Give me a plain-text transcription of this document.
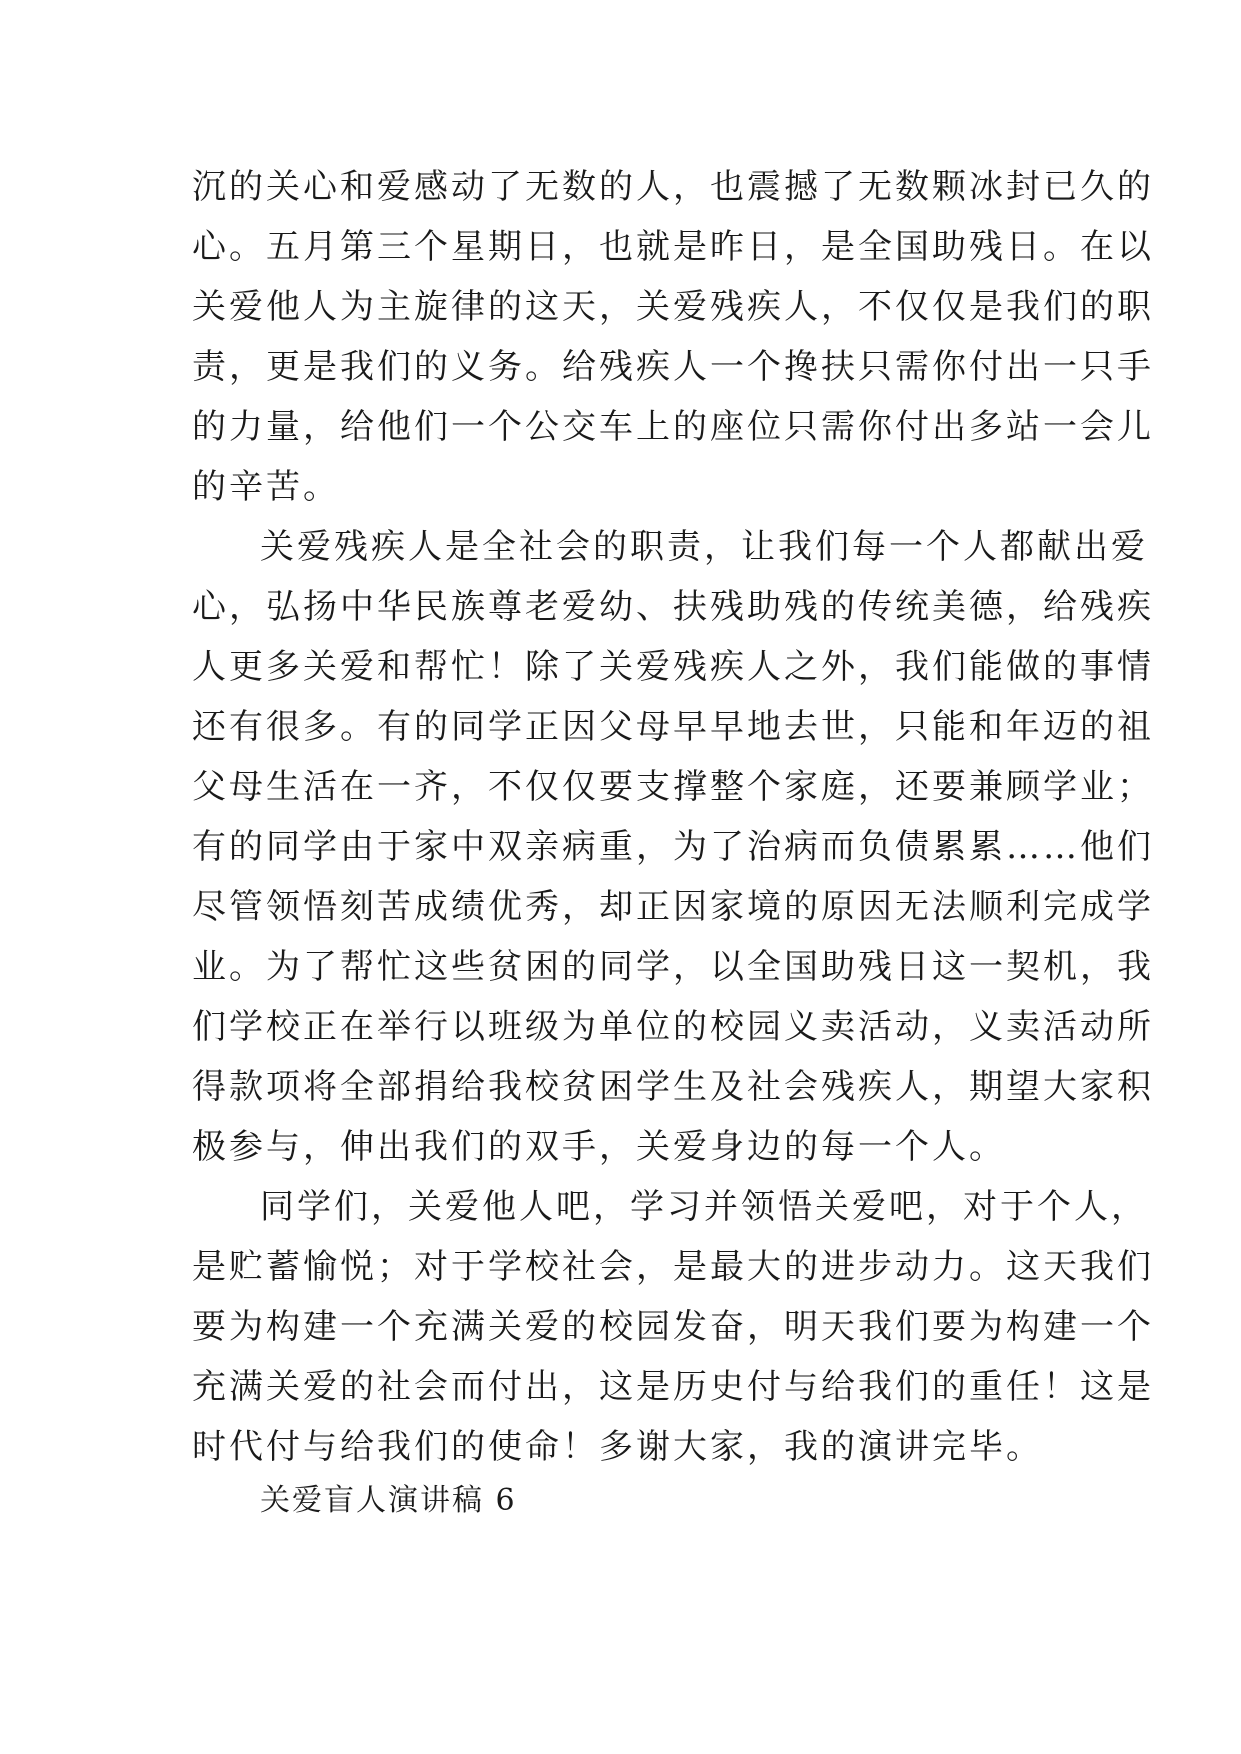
沉的关心和爱感动了无数的人，也震撼了无数颗冰封已久的
心。五月第三个星期日，也就是昨日，是全国助残日。在以
关爱他人为主旋律的这天，关爱残疾人，不仅仅是我们的职
责，更是我们的义务。给残疾人一个搀扶只需你付出一只手
的力量，给他们一个公交车上的座位只需你付出多站一会儿
的辛苦。
关爱残疾人是全社会的职责，让我们每一个人都献出爱
心，弘扬中华民族尊老爱幼、扶残助残的传统美德，给残疾
人更多关爱和帮忙！除了关爱残疾人之外，我们能做的事情
还有很多。有的同学正因父母早早地去世，只能和年迈的祖
父母生活在一齐，不仅仅要支撑整个家庭，还要兼顾学业；
有的同学由于家中双亲病重，为了治病而负债累累……他们
尽管领悟刻苦成绩优秀，却正因家境的原因无法顺利完成学
业。为了帮忙这些贫困的同学，以全国助残日这一契机，我
们学校正在举行以班级为单位的校园义卖活动，义卖活动所
得款项将全部捐给我校贫困学生及社会残疾人，期望大家积
极参与，伸出我们的双手，关爱身边的每一个人。
同学们，关爱他人吧，学习并领悟关爱吧，对于个人，
是贮蓄愉悦；对于学校社会，是最大的进步动力。这天我们
要为构建一个充满关爱的校园发奋，明天我们要为构建一个
充满关爱的社会而付出，这是历史付与给我们的重任！这是
时代付与给我们的使命！多谢大家，我的演讲完毕。
关爱盲人演讲稿 6
